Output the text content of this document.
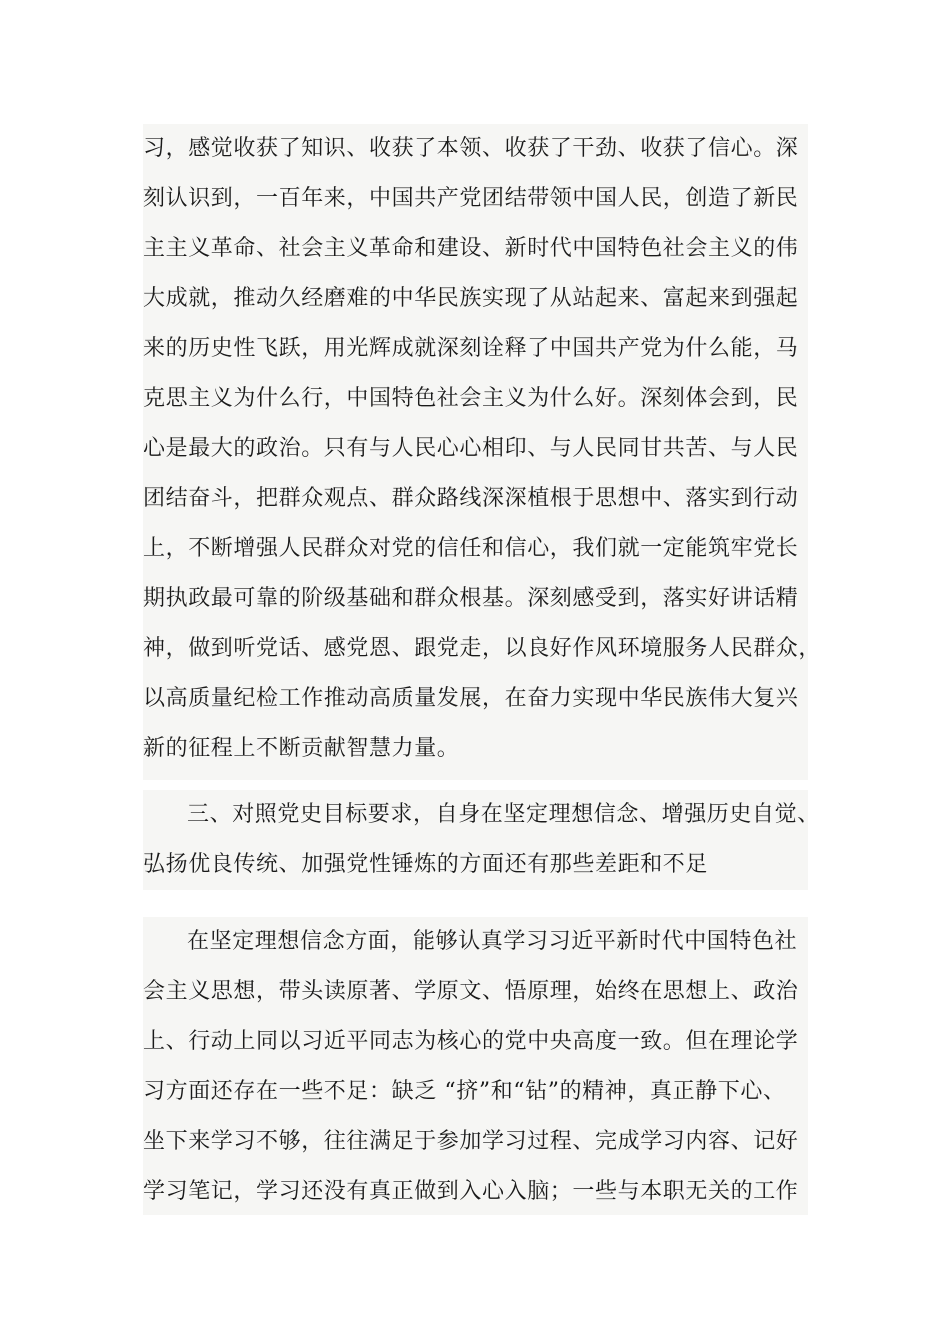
习，感觉收获了知识、收获了本领、收获了干劲、收获了信心。深
刻认识到，一百年来，中国共产党团结带领中国人民，创造了新民
主主义革命、社会主义革命和建设、新时代中国特色社会主义的伟
大成就，推动久经磨难的中华民族实现了从站起来、富起来到强起
来的历史性飞跃，用光辉成就深刻诠释了中国共产党为什么能，马
克思主义为什么行，中国特色社会主义为什么好。深刻体会到，民
心是最大的政治。只有与人民心心相印、与人民同甘共苦、与人民
团结奋斗，把群众观点、群众路线深深植根于思想中、落实到行动
上，不断增强人民群众对党的信任和信心，我们就一定能筑牢党长
期执政最可靠的阶级基础和群众根基。深刻感受到，落实好讲话精
神，做到听党话、感党恩、跟党走，以良好作风环境服务人民群众，
以高质量纪检工作推动高质量发展，在奋力实现中华民族伟大复兴
新的征程上不断贡献智慧力量。
三、对照党史目标要求，自身在坚定理想信念、增强历史自觉、
弘扬优良传统、加强党性锤炼的方面还有那些差距和不足
在坚定理想信念方面，能够认真学习习近平新时代中国特色社
会主义思想，带头读原著、学原文、悟原理，始终在思想上、政治
上、行动上同以习近平同志为核心的党中央高度一致。但在理论学
习方面还存在一些不足：缺乏 “挤”和“钻”的精神，真正静下心、
坐下来学习不够，往往满足于参加学习过程、完成学习内容、记好
学习笔记，学习还没有真正做到入心入脑；一些与本职无关的工作
